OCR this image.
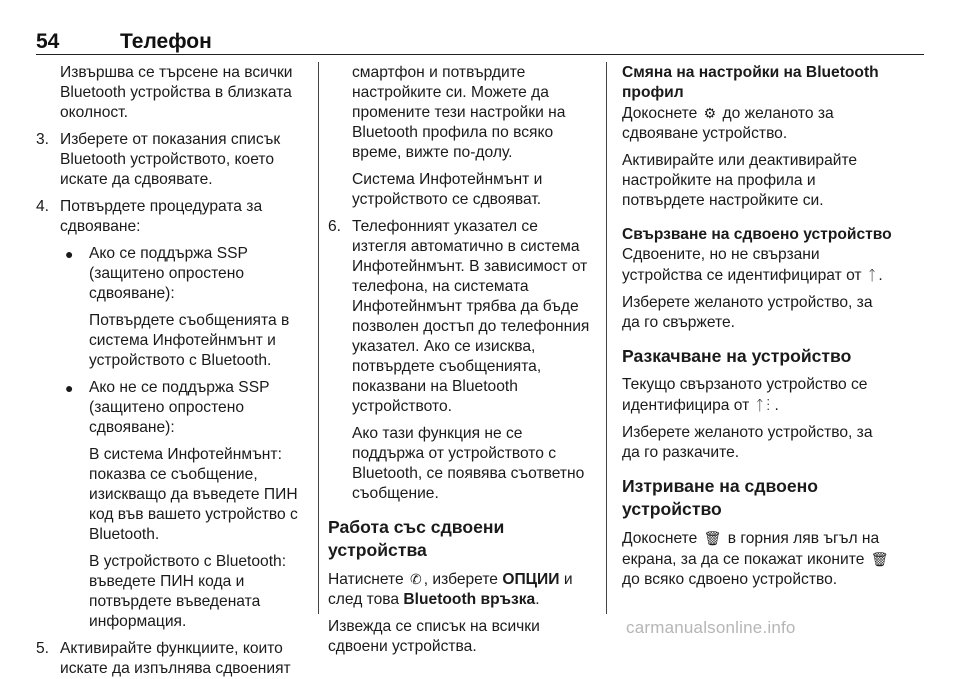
54	Телефон

Извършва се търсене на всички Bluetooth устройства в близката околност.

3. Изберете от показания списък Bluetooth устройството, което искате да сдвоявате.

4. Потвърдете процедурата за сдвояване:

● Ако се поддържа SSP (защитено опростено сдвояване):

Потвърдете съобщенията в система Инфотейнмънт и устройството с Bluetooth.

● Ако не се поддържа SSP (защитено опростено сдвояване):

В система Инфотейнмънт: показва се съобщение, изискващо да въведете ПИН код във вашето устройство с Bluetooth.

В устройството с Bluetooth: въведете ПИН кода и потвърдете въведената информация.

5. Активирайте функциите, които искате да изпълнява сдвоеният

смартфон и потвърдите настройките си. Можете да промените тези настройки на Bluetooth профила по всяко време, вижте по-долу.

Система Инфотейнмънт и устройството се сдвояват.

6. Телефонният указател се изтегля автоматично в система Инфотейнмънт. В зависимост от телефона, на системата Инфотейнмънт трябва да бъде позволен достъп до телефонния указател. Ако се изисква, потвърдете съобщенията, показвани на Bluetooth устройството.

Ако тази функция не се поддържа от устройството с Bluetooth, се появява съответно съобщение.

Работа със сдвоени устройства

Натиснете ✆ , изберете ОПЦИИ и след това Bluetooth връзка.

Извежда се списък на всички сдвоени устройства.

Смяна на настройки на Bluetooth профил

Докоснете ⚙ до желаното за сдвояване устройство.

Активирайте или деактивирайте настройките на профила и потвърдете настройките си.

Свързване на сдвоено устройство

Сдвоените, но не свързани устройства се идентифицират от ᛏ .

Изберете желаното устройство, за да го свържете.

Разкачване на устройство

Текущо свързаното устройство се идентифицира от ᛏ⁝ .

Изберете желаното устройство, за да го разкачите.

Изтриване на сдвоено устройство

Докоснете 🗑 в горния ляв ъгъл на екрана, за да се покажат иконите 🗑 до всяко сдвоено устройство.

carmanualsonline.info
